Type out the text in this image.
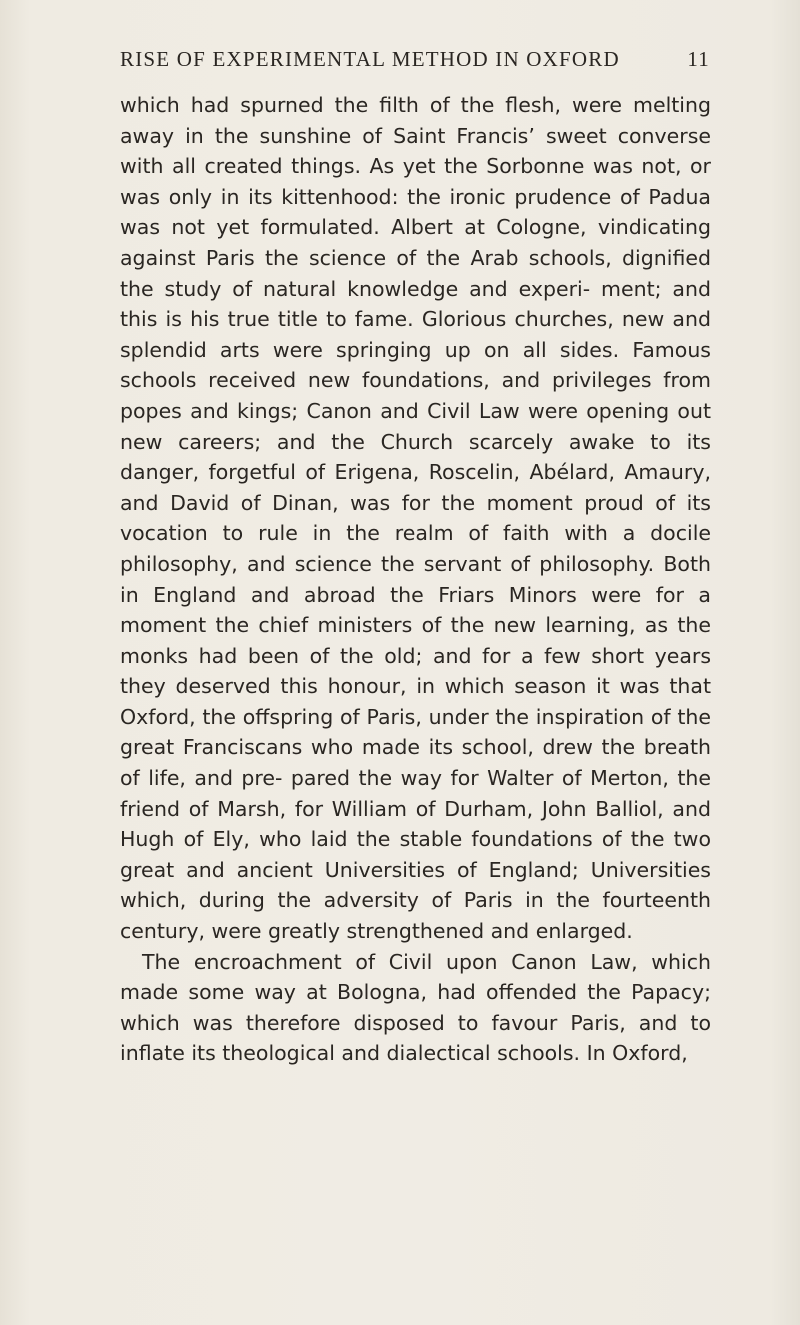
RISE OF EXPERIMENTAL METHOD IN OXFORD	11

which had spurned the filth of the flesh, were melting away in the sunshine of Saint Francis’ sweet converse with all created things. As yet the Sorbonne was not, or was only in its kittenhood: the ironic prudence of Padua was not yet formulated. Albert at Cologne, vindicating against Paris the science of the Arab schools, dignified the study of natural knowledge and experi- ment; and this is his true title to fame. Glorious churches, new and splendid arts were springing up on all sides. Famous schools received new foundations, and privileges from popes and kings; Canon and Civil Law were opening out new careers; and the Church scarcely awake to its danger, forgetful of Erigena, Roscelin, Abélard, Amaury, and David of Dinan, was for the moment proud of its vocation to rule in the realm of faith with a docile philosophy, and science the servant of philosophy. Both in England and abroad the Friars Minors were for a moment the chief ministers of the new learning, as the monks had been of the old; and for a few short years they deserved this honour, in which season it was that Oxford, the offspring of Paris, under the inspiration of the great Franciscans who made its school, drew the breath of life, and pre- pared the way for Walter of Merton, the friend of Marsh, for William of Durham, John Balliol, and Hugh of Ely, who laid the stable foundations of the two great and ancient Universities of England; Universities which, during the adversity of Paris in the fourteenth century, were greatly strengthened and enlarged.

The encroachment of Civil upon Canon Law, which made some way at Bologna, had offended the Papacy; which was therefore disposed to favour Paris, and to inflate its theological and dialectical schools. In Oxford,
